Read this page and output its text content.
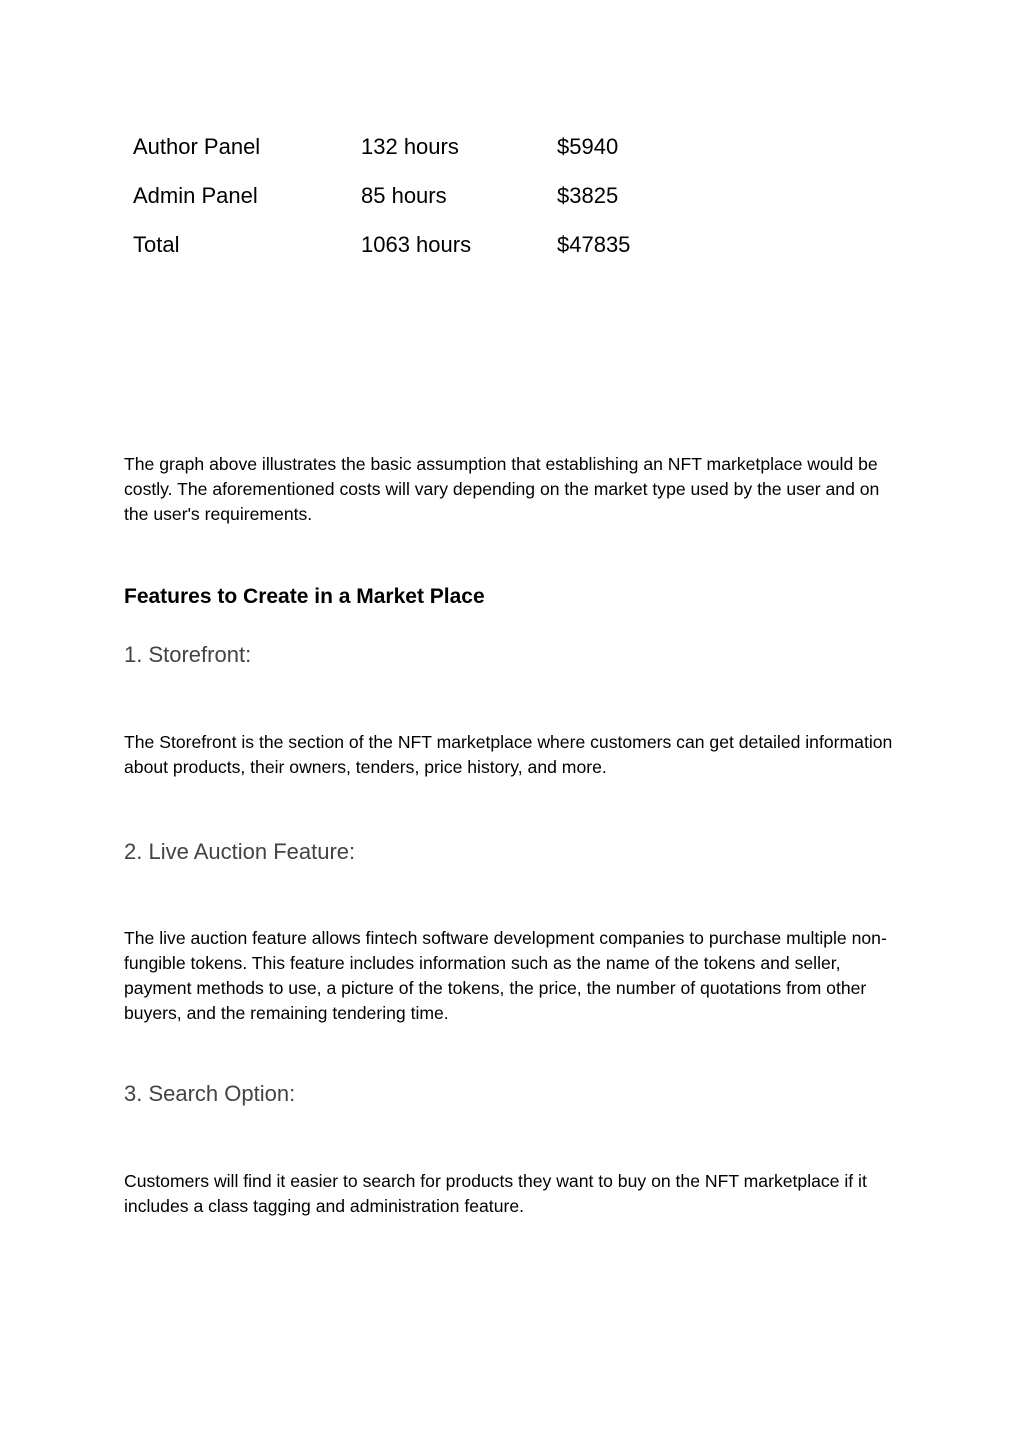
Author Panel	132 hours	$5940
Admin Panel	85 hours	$3825
Total	1063 hours	$47835

The graph above illustrates the basic assumption that establishing an NFT marketplace would be costly. The aforementioned costs will vary depending on the market type used by the user and on the user's requirements.

Features to Create in a Market Place
1. Storefront:

The Storefront is the section of the NFT marketplace where customers can get detailed information about products, their owners, tenders, price history, and more.

2. Live Auction Feature:

The live auction feature allows fintech software development companies to purchase multiple non-fungible tokens. This feature includes information such as the name of the tokens and seller, payment methods to use, a picture of the tokens, the price, the number of quotations from other buyers, and the remaining tendering time.

3. Search Option:

Customers will find it easier to search for products they want to buy on the NFT marketplace if it includes a class tagging and administration feature.
